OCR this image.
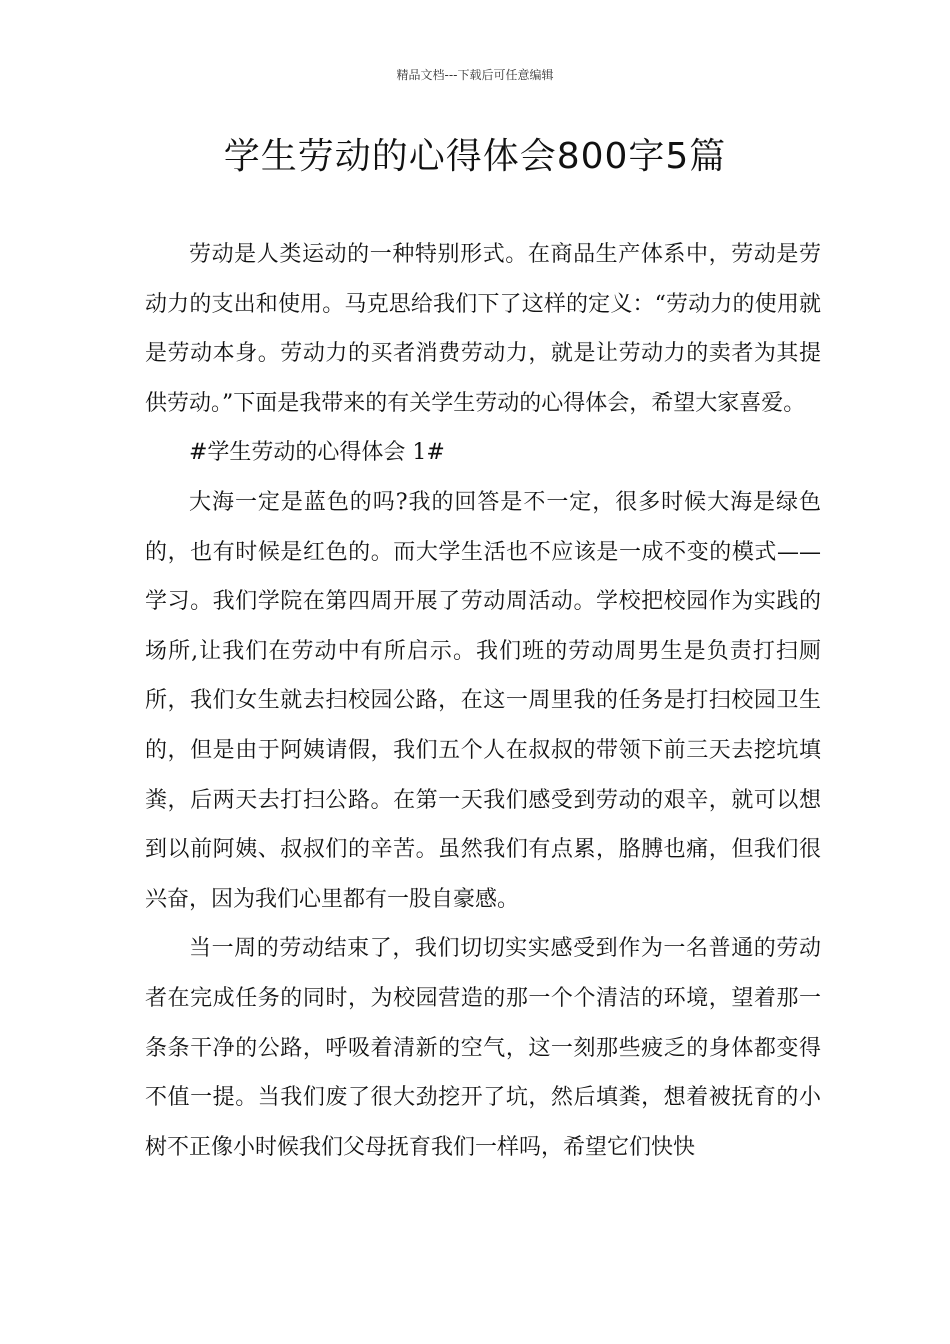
精品文档---下载后可任意编辑
学生劳动的心得体会800字5篇

劳动是人类运动的一种特别形式。在商品生产体系中，劳动是劳动力的支出和使用。马克思给我们下了这样的定义：“劳动力的使用就是劳动本身。劳动力的买者消费劳动力，就是让劳动力的卖者为其提供劳动。”下面是我带来的有关学生劳动的心得体会，希望大家喜爱。

#学生劳动的心得体会 1#

大海一定是蓝色的吗?我的回答是不一定，很多时候大海是绿色的，也有时候是红色的。而大学生活也不应该是一成不变的模式——学习。我们学院在第四周开展了劳动周活动。学校把校园作为实践的场所,让我们在劳动中有所启示。我们班的劳动周男生是负责打扫厕所，我们女生就去扫校园公路，在这一周里我的任务是打扫校园卫生的，但是由于阿姨请假，我们五个人在叔叔的带领下前三天去挖坑填粪，后两天去打扫公路。在第一天我们感受到劳动的艰辛，就可以想到以前阿姨、叔叔们的辛苦。虽然我们有点累，胳膊也痛，但我们很兴奋，因为我们心里都有一股自豪感。

当一周的劳动结束了，我们切切实实感受到作为一名普通的劳动者在完成任务的同时，为校园营造的那一个个清洁的环境，望着那一条条干净的公路，呼吸着清新的空气，这一刻那些疲乏的身体都变得不值一提。当我们废了很大劲挖开了坑，然后填粪，想着被抚育的小树不正像小时候我们父母抚育我们一样吗，希望它们快快
